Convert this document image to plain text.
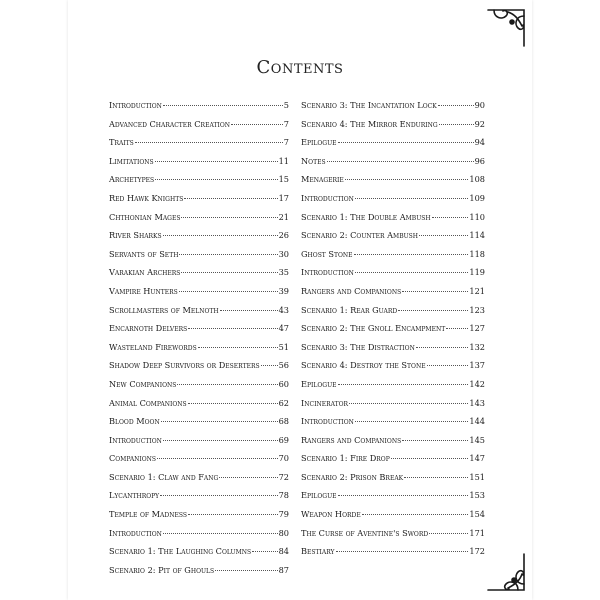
Contents
Introduction	5
Advanced Character Creation	7
Traits	7
Limitations	11
Archetypes	15
Red Hawk Knights	17
Chthonian Mages	21
River Sharks	26
Servants of Seth	30
Varakian Archers	35
Vampire Hunters	39
Scrollmasters of Melnoth	43
Encarnoth Delvers	47
Wasteland Firewords	51
Shadow Deep Survivors or Deserters 56
New Companions	60
Animal Companions	62
Blood Moon	68
Introduction	69
Companions	70
Scenario 1: Claw and Fang	72
Lycanthropy	78
Temple of Madness	79
Introduction	80
Scenario 1: The Laughing Columns	84
Scenario 2: Pit of Ghouls	87
Scenario 3: The Incantation Lock	90
Scenario 4: The Mirror Enduring	92
Epilogue	94
Notes	96
Menagerie	108
Introduction	109
Scenario 1: The Double Ambush	110
Scenario 2: Counter Ambush	114
Ghost Stone	118
Introduction	119
Rangers and Companions	121
Scenario 1: Rear Guard	123
Scenario 2: The Gnoll Encampment	127
Scenario 3: The Distraction	132
Scenario 4: Destroy the Stone	137
Epilogue	142
Incinerator	143
Introduction	144
Rangers and Companions	145
Scenario 1: Fire Drop	147
Scenario 2: Prison Break	151
Epilogue	153
Weapon Horde	154
The Curse of Aventine's Sword	171
Bestiary	172
